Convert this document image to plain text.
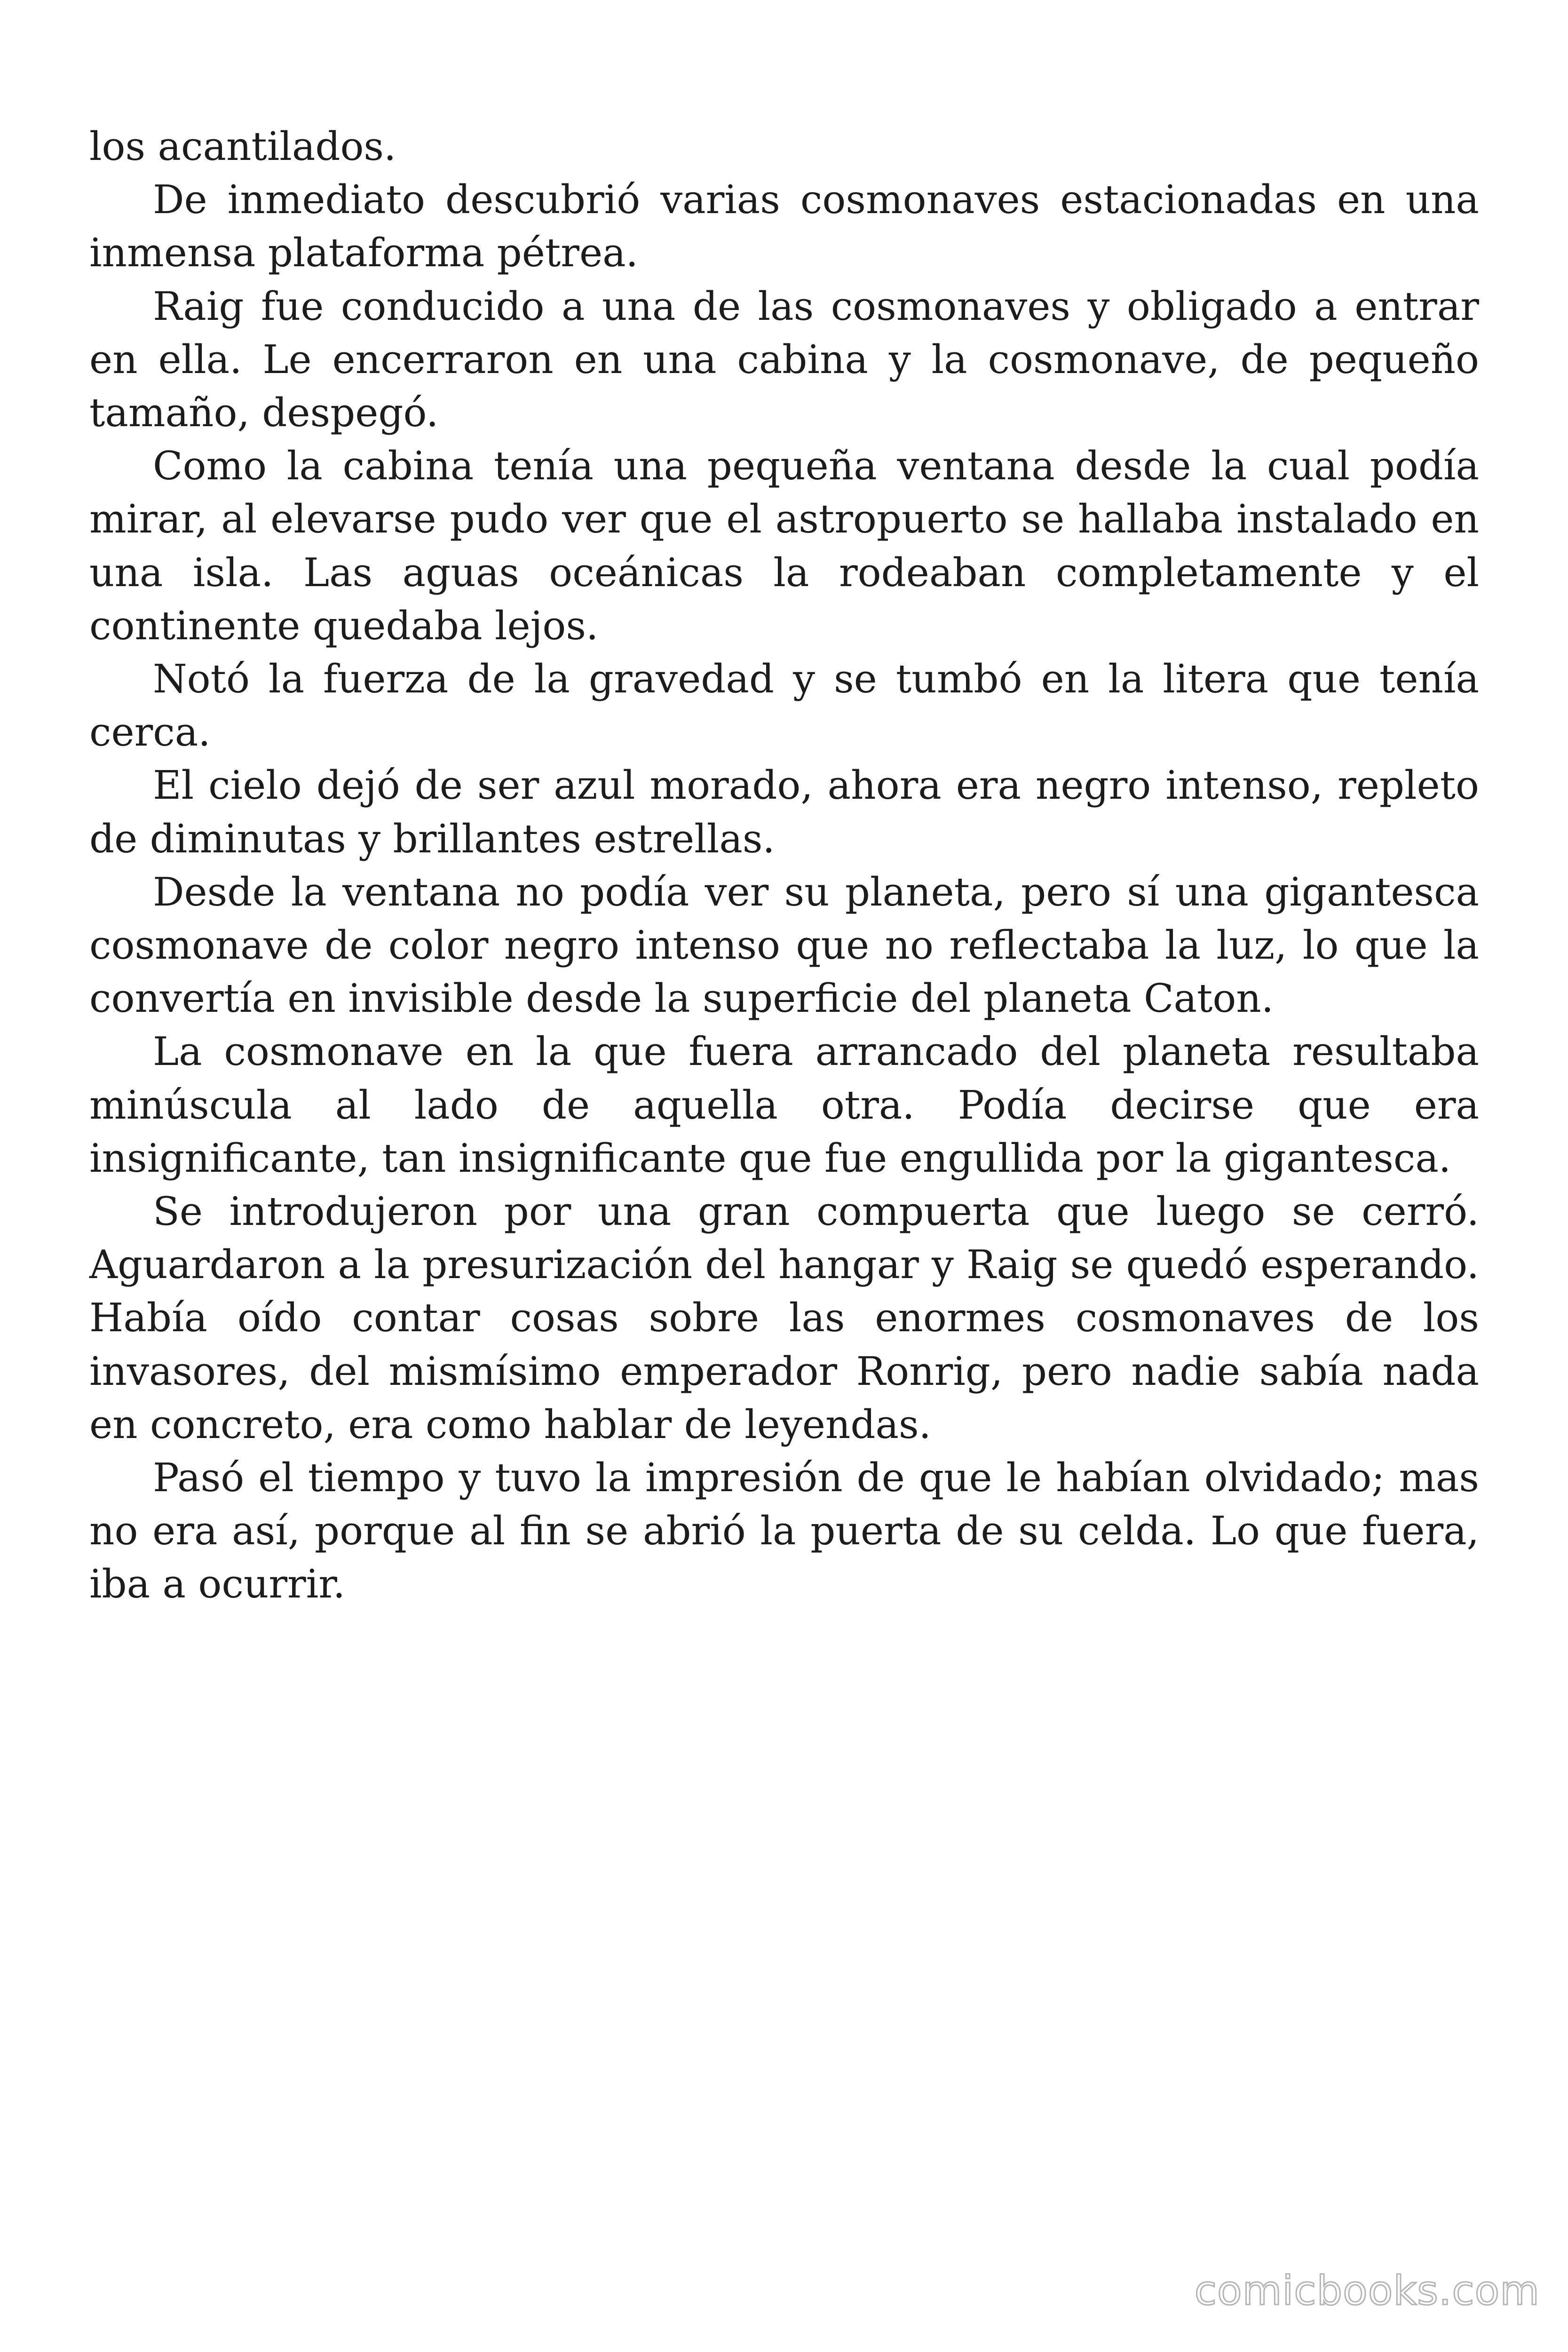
los acantilados.

De inmediato descubrió varias cosmonaves estacionadas en una inmensa plataforma pétrea.

Raig fue conducido a una de las cosmonaves y obligado a entrar en ella. Le encerraron en una cabina y la cosmonave, de pequeño tamaño, despegó.

Como la cabina tenía una pequeña ventana desde la cual podía mirar, al elevarse pudo ver que el astropuerto se hallaba instalado en una isla. Las aguas oceánicas la rodeaban completamente y el continente quedaba lejos.

Notó la fuerza de la gravedad y se tumbó en la litera que tenía cerca.

El cielo dejó de ser azul morado, ahora era negro intenso, repleto de diminutas y brillantes estrellas.

Desde la ventana no podía ver su planeta, pero sí una gigantesca cosmonave de color negro intenso que no reflectaba la luz, lo que la convertía en invisible desde la superficie del planeta Caton.

La cosmonave en la que fuera arrancado del planeta resultaba minúscula al lado de aquella otra. Podía decirse que era insignificante, tan insignificante que fue engullida por la gigantesca.

Se introdujeron por una gran compuerta que luego se cerró. Aguardaron a la presurización del hangar y Raig se quedó esperando. Había oído contar cosas sobre las enormes cosmonaves de los invasores, del mismísimo emperador Ronrig, pero nadie sabía nada en concreto, era como hablar de leyendas.

Pasó el tiempo y tuvo la impresión de que le habían olvidado; mas no era así, porque al fin se abrió la puerta de su celda. Lo que fuera, iba a ocurrir.

comicbooks.com
